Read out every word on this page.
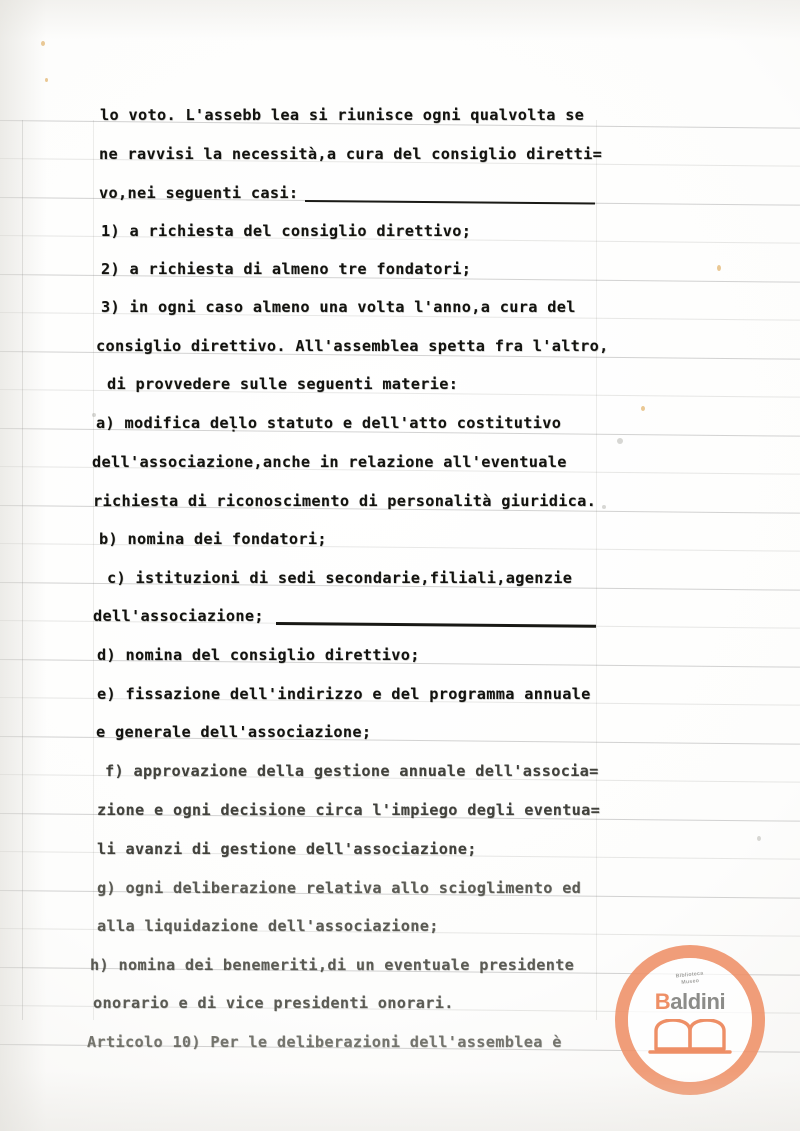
lo voto. L'assebb lea si riunisce ogni qualvolta se
ne ravvisi la necessità,a cura del consiglio diretti=
vo,nei seguenti casi:
1) a richiesta del consiglio direttivo;
2) a richiesta di almeno tre fondatori;
3) in ogni caso almeno una volta l'anno,a cura del
consiglio direttivo. All'assemblea spetta fra l'altro,
di provvedere sulle seguenti materie:
a) modifica deḷlo statuto e dell'atto costitutivo
dell'associazione,anche in relazione all'eventuale
richiesta di riconoscimento di personalità giuridica.
b) nomina dei fondatori;
c) istituzioni di sedi secondarie,filiali,agenzie
dell'associazione;
d) nomina del consiglio direttivo;
e) fissazione dell'indirizzo e del programma annuale
e generale dell'associazione;
f) approvazione della gestione annuale dell'associa=
zione e ogni decisione circa l'impiego degli eventua=
li avanzi di gestione dell'associazione;
g) ogni deliberazione relativa allo scioglimento ed
alla liquidazione dell'associazione;
h) nomina dei benemeriti,di un eventuale presidente
onorario e di vice presidenti onorari.
Articolo 10) Per le deliberazioni dell'assemblea è
Biblioteca
Museo
Baldini
